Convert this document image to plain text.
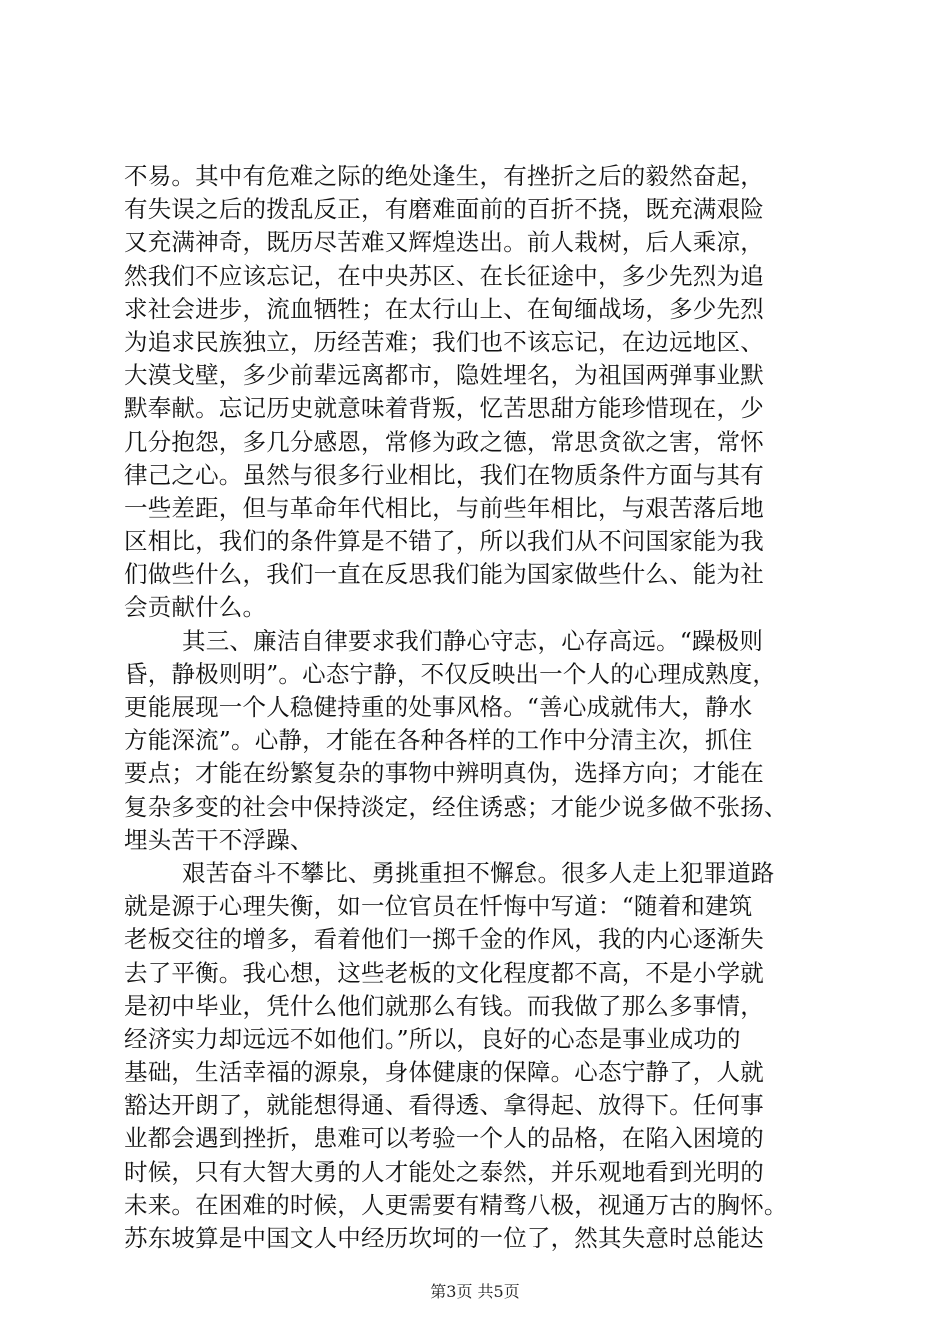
不易。其中有危难之际的绝处逢生，有挫折之后的毅然奋起，
有失误之后的拨乱反正，有磨难面前的百折不挠，既充满艰险
又充满神奇，既历尽苦难又辉煌迭出。前人栽树，后人乘凉，
然我们不应该忘记，在中央苏区、在长征途中，多少先烈为追
求社会进步，流血牺牲；在太行山上、在甸缅战场，多少先烈
为追求民族独立，历经苦难；我们也不该忘记，在边远地区、
大漠戈壁，多少前辈远离都市，隐姓埋名，为祖国两弹事业默
默奉献。忘记历史就意味着背叛，忆苦思甜方能珍惜现在，少
几分抱怨，多几分感恩，常修为政之德，常思贪欲之害，常怀
律己之心。虽然与很多行业相比，我们在物质条件方面与其有
一些差距，但与革命年代相比，与前些年相比，与艰苦落后地
区相比，我们的条件算是不错了，所以我们从不问国家能为我
们做些什么，我们一直在反思我们能为国家做些什么、能为社
会贡献什么。
其三、廉洁自律要求我们静心守志，心存高远。“躁极则
昏，静极则明”。心态宁静，不仅反映出一个人的心理成熟度，
更能展现一个人稳健持重的处事风格。“善心成就伟大，静水
方能深流”。心静，才能在各种各样的工作中分清主次，抓住
要点；才能在纷繁复杂的事物中辨明真伪，选择方向；才能在
复杂多变的社会中保持淡定，经住诱惑；才能少说多做不张扬、
埋头苦干不浮躁、
艰苦奋斗不攀比、勇挑重担不懈怠。很多人走上犯罪道路
就是源于心理失衡，如一位官员在忏悔中写道：“随着和建筑
老板交往的增多，看着他们一掷千金的作风，我的内心逐渐失
去了平衡。我心想，这些老板的文化程度都不高，不是小学就
是初中毕业，凭什么他们就那么有钱。而我做了那么多事情，
经济实力却远远不如他们。”所以，良好的心态是事业成功的
基础，生活幸福的源泉，身体健康的保障。心态宁静了，人就
豁达开朗了，就能想得通、看得透、拿得起、放得下。任何事
业都会遇到挫折，患难可以考验一个人的品格，在陷入困境的
时候，只有大智大勇的人才能处之泰然，并乐观地看到光明的
未来。在困难的时候，人更需要有精骛八极，视通万古的胸怀。
苏东坡算是中国文人中经历坎坷的一位了，然其失意时总能达
第3页 共5页
